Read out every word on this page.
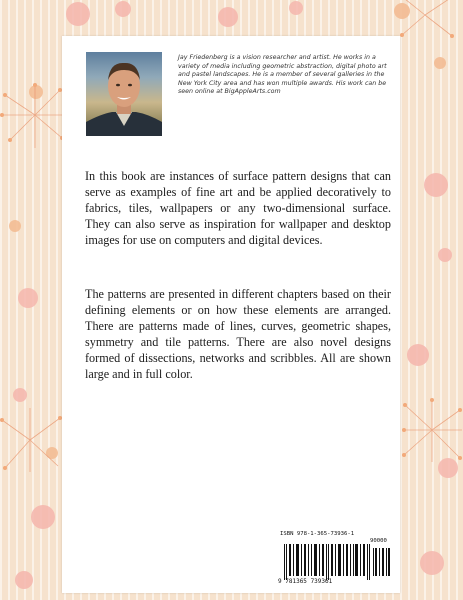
Jay Friedenberg is a vision researcher and artist. He works in a variety of media including geometric abstraction, digital photo art and pastel landscapes. He is a member of several galleries in the New York City area and has won multiple awards. His work can be seen online at BigAppleArts.com

In this book are instances of surface pattern designs that can serve as examples of fine art and be applied decoratively to fabrics, tiles, wallpapers or any two-dimensional surface. They can also serve as inspiration for wallpaper and desktop images for use on computers and digital devices.

The patterns are presented in different chapters based on their defining elements or on how these elements are arranged. There are patterns made of lines, curves, geometric shapes, symmetry and tile patterns. There are also novel designs formed of dissections, networks and scribbles. All are shown large and in full color.

ISBN 978-1-365-73936-1
90000
9 781365 739361
